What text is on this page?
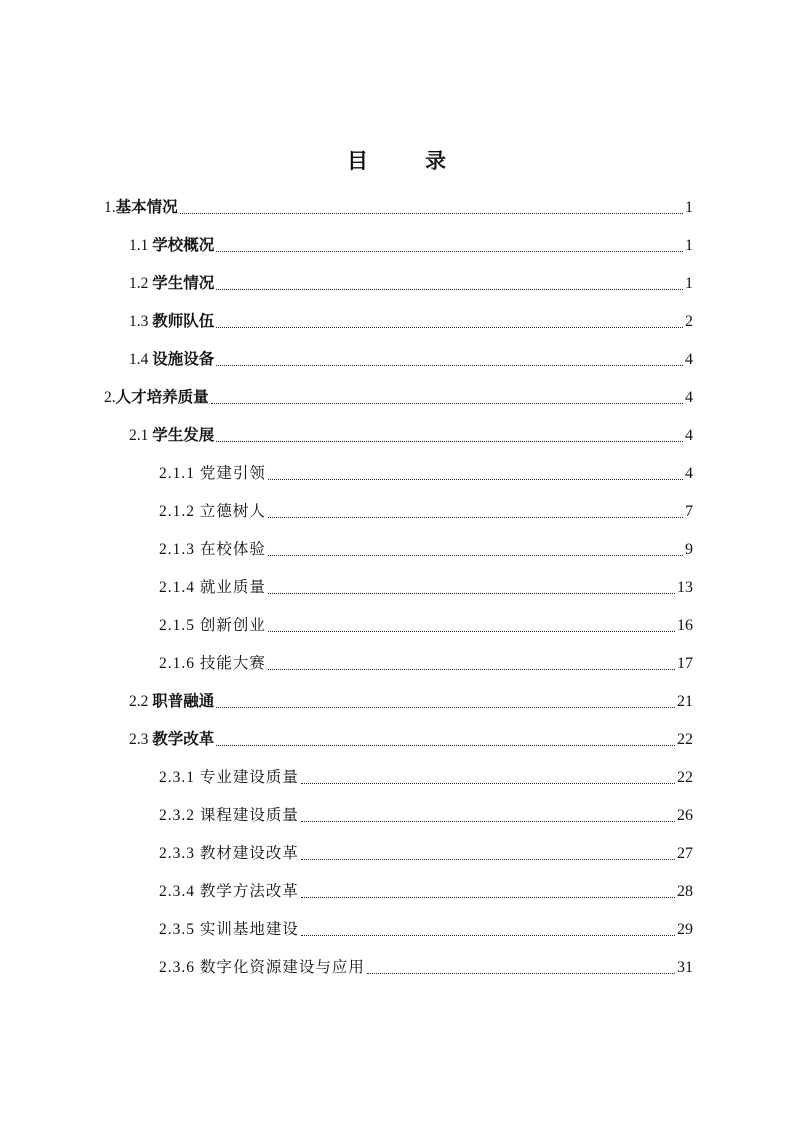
目　录
1.基本情况	1
1.1 学校概况	1
1.2 学生情况	1
1.3 教师队伍	2
1.4 设施设备	4
2.人才培养质量	4
2.1 学生发展	4
2.1.1 党建引领	4
2.1.2 立德树人	7
2.1.3 在校体验	9
2.1.4 就业质量	13
2.1.5 创新创业	16
2.1.6 技能大赛	17
2.2 职普融通	21
2.3 教学改革	22
2.3.1 专业建设质量	22
2.3.2 课程建设质量	26
2.3.3 教材建设改革	27
2.3.4 教学方法改革	28
2.3.5 实训基地建设	29
2.3.6 数字化资源建设与应用	31
